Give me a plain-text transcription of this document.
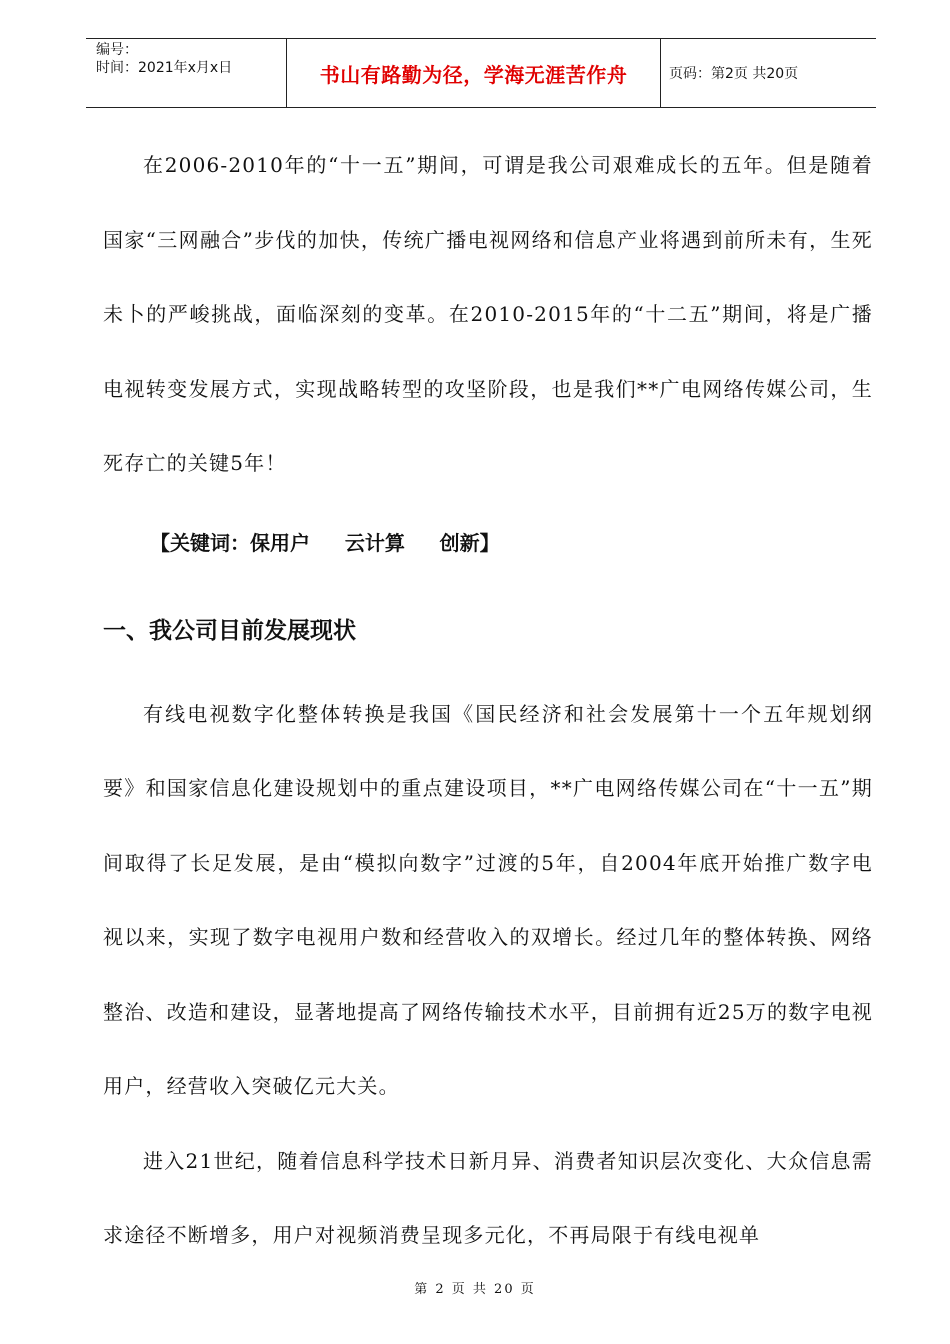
编号：
时间：2021年x月x日	书山有路勤为径，学海无涯苦作舟	页码：第2页 共20页

在2006-2010年的“十一五”期间，可谓是我公司艰难成长的五年。但是随着国家“三网融合”步伐的加快，传统广播电视网络和信息产业将遇到前所未有，生死未卜的严峻挑战，面临深刻的变革。在2010-2015年的“十二五”期间，将是广播电视转变发展方式，实现战略转型的攻坚阶段，也是我们**广电网络传媒公司，生死存亡的关键5年！

【关键词：保用户     云计算     创新】

一、我公司目前发展现状

有线电视数字化整体转换是我国《国民经济和社会发展第十一个五年规划纲要》和国家信息化建设规划中的重点建设项目，**广电网络传媒公司在“十一五”期间取得了长足发展，是由“模拟向数字”过渡的5年，自2004年底开始推广数字电视以来，实现了数字电视用户数和经营收入的双增长。经过几年的整体转换、网络整治、改造和建设，显著地提高了网络传输技术水平，目前拥有近25万的数字电视用户，经营收入突破亿元大关。

进入21世纪，随着信息科学技术日新月异、消费者知识层次变化、大众信息需求途径不断增多，用户对视频消费呈现多元化，不再局限于有线电视单

第 2 页 共 20 页
